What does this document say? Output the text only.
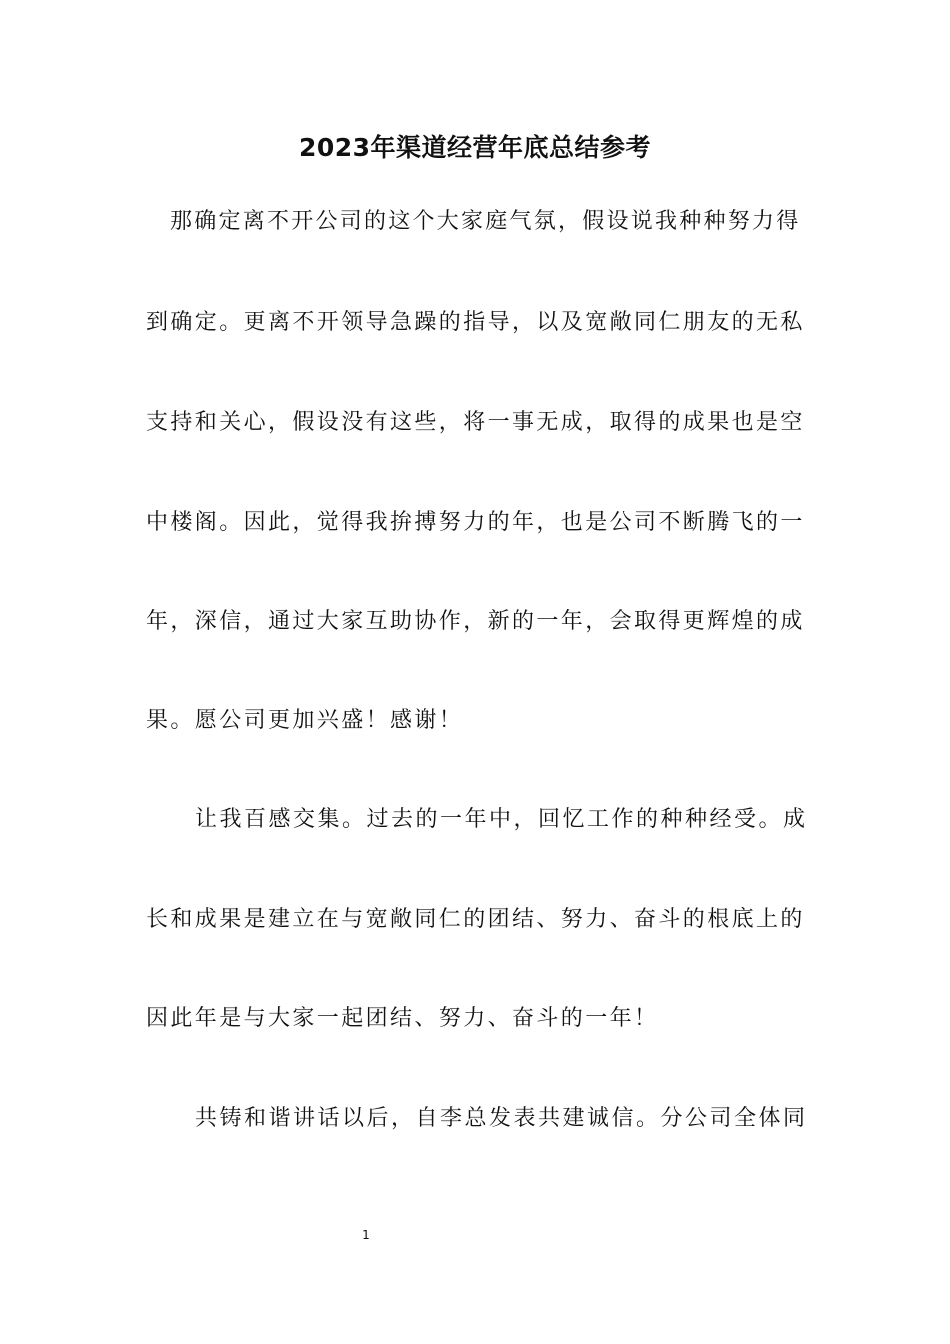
2023年渠道经营年底总结参考

那确定离不开公司的这个大家庭气氛，假设说我种种努力得

到确定。更离不开领导急躁的指导，以及宽敞同仁朋友的无私

支持和关心，假设没有这些，将一事无成，取得的成果也是空

中楼阁。因此，觉得我拚搏努力的年，也是公司不断腾飞的一

年，深信，通过大家互助协作，新的一年，会取得更辉煌的成

果。愿公司更加兴盛！感谢！

让我百感交集。过去的一年中，回忆工作的种种经受。成

长和成果是建立在与宽敞同仁的团结、努力、奋斗的根底上的

因此年是与大家一起团结、努力、奋斗的一年！

共铸和谐讲话以后，自李总发表共建诚信。分公司全体同

1
